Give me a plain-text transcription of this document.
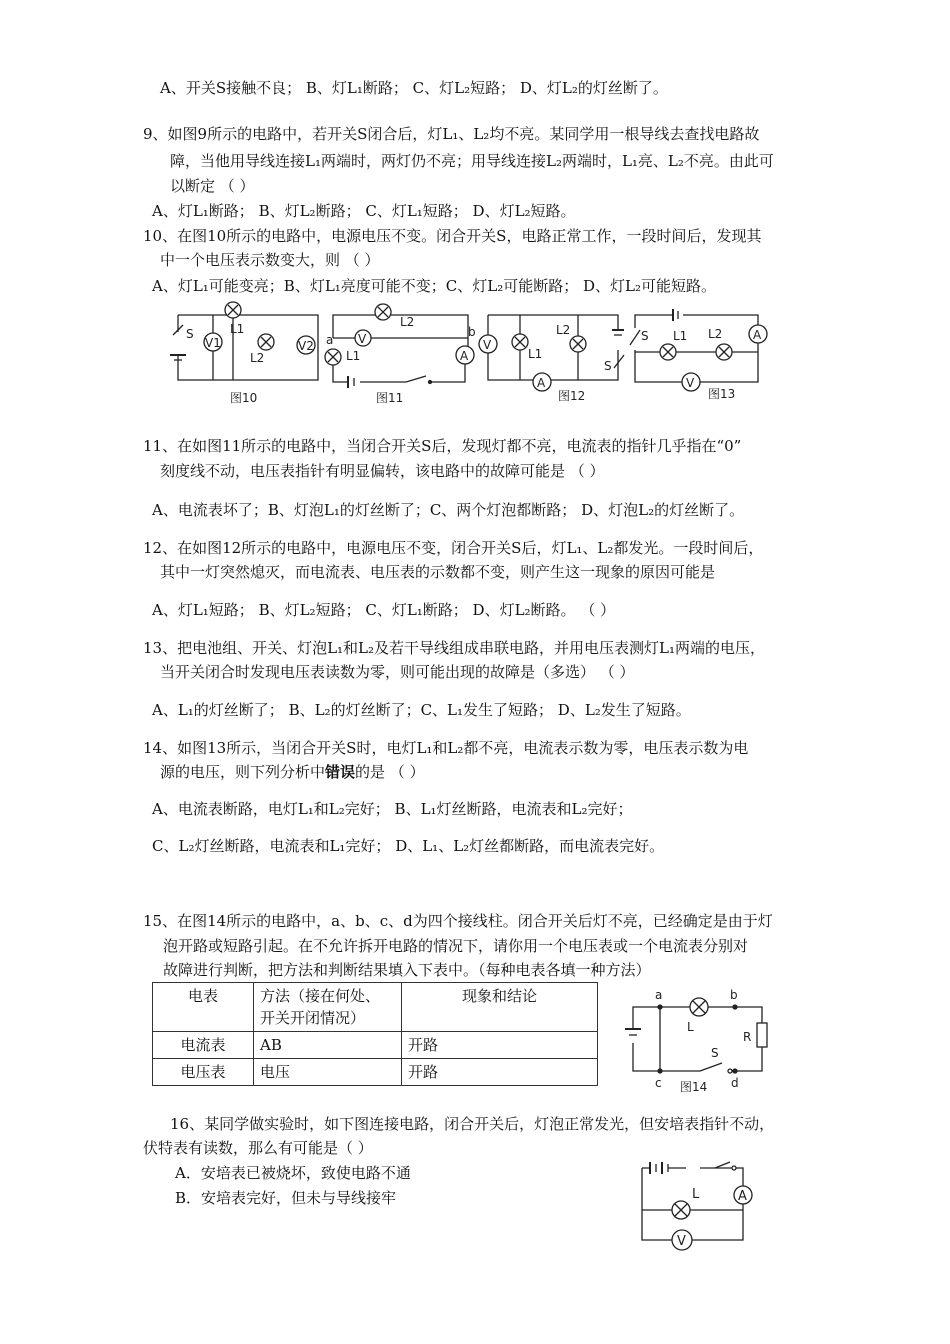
A、开关S接触不良； B、灯L₁断路； C、灯L₂短路； D、灯L₂的灯丝断了。
9、如图9所示的电路中，若开关S闭合后，灯L₁、L₂均不亮。某同学用一根导线去查找电路故
障，当他用导线连接L₁两端时，两灯仍不亮；用导线连接L₂两端时，L₁亮、L₂不亮。由此可
以断定 （ ）
A、灯L₁断路； B、灯L₂断路； C、灯L₁短路； D、灯L₂短路。
10、在图10所示的电路中，电源电压不变。闭合开关S，电路正常工作，一段时间后，发现其
中一个电压表示数变大，则 （ ）
A、灯L₁可能变亮；B、灯L₁亮度可能不变；C、灯L₂可能断路； D、灯L₂可能短路。
S
V1
L1
L2
V2
图10
L2
V
L1
a
b
A
图11
V
L1
L2
A
S
图12
S L1 L2	A
V
图13
11、在如图11所示的电路中，当闭合开关S后，发现灯都不亮，电流表的指针几乎指在“0”
刻度线不动，电压表指针有明显偏转，该电路中的故障可能是 （ ）
A、电流表坏了；B、灯泡L₁的灯丝断了；C、两个灯泡都断路； D、灯泡L₂的灯丝断了。
12、在如图12所示的电路中，电源电压不变，闭合开关S后，灯L₁、L₂都发光。一段时间后，
其中一灯突然熄灭，而电流表、电压表的示数都不变，则产生这一现象的原因可能是
A、灯L₁短路； B、灯L₂短路； C、灯L₁断路； D、灯L₂断路。 （ ）
13、把电池组、开关、灯泡L₁和L₂及若干导线组成串联电路，并用电压表测灯L₁两端的电压，
当开关闭合时发现电压表读数为零，则可能出现的故障是（多选） （ ）
A、L₁的灯丝断了； B、L₂的灯丝断了；C、L₁发生了短路； D、L₂发生了短路。
14、如图13所示，当闭合开关S时，电灯L₁和L₂都不亮，电流表示数为零，电压表示数为电
源的电压，则下列分析中错误的是 （ ）
A、电流表断路，电灯L₁和L₂完好； B、L₁灯丝断路，电流表和L₂完好；
C、L₂灯丝断路，电流表和L₁完好； D、L₁、L₂灯丝都断路，而电流表完好。
15、在图14所示的电路中，a、b、c、d为四个接线柱。闭合开关后灯不亮，已经确定是由于灯
泡开路或短路引起。在不允许拆开电路的情况下，请你用一个电压表或一个电流表分别对
故障进行判断，把方法和判断结果填入下表中。（每种电表各填一种方法）
电表	方法（接在何处、
开关开闭情况）	现象和结论
电流表	AB	开路
电压表	电压	开路
a	b
L
R
S
c	d
图14
16、某同学做实验时，如下图连接电路，闭合开关后，灯泡正常发光，但安培表指针不动，
伏特表有读数，那么有可能是（ ）
A．安培表已被烧坏，致使电路不通
B．安培表完好，但未与导线接牢	A
L
V
